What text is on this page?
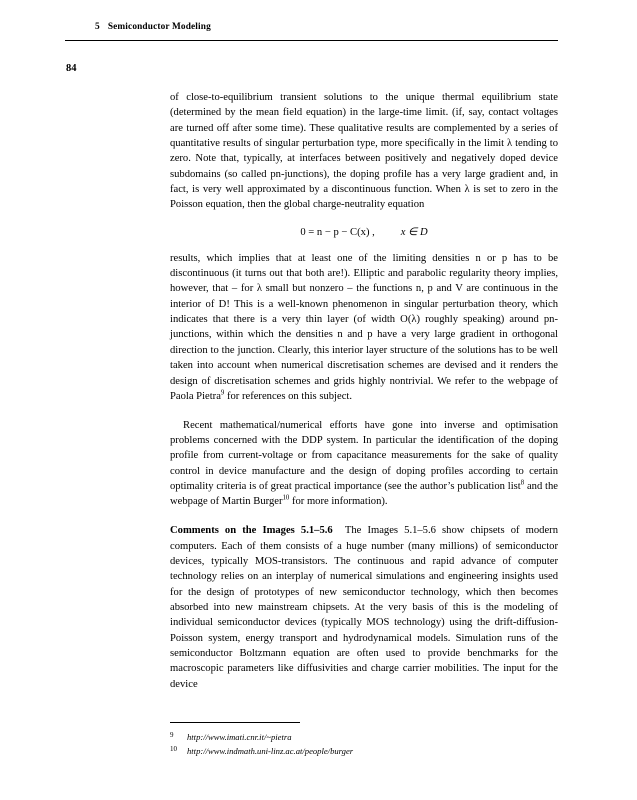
5 Semiconductor Modeling
84

of close-to-equilibrium transient solutions to the unique thermal equilibrium state (determined by the mean field equation) in the large-time limit. (if, say, contact voltages are turned off after some time). These qualitative results are complemented by a series of quantitative results of singular perturbation type, more specifically in the limit λ tending to zero. Note that, typically, at interfaces between positively and negatively doped device subdomains (so called pn-junctions), the doping profile has a very large gradient and, in fact, is very well approximated by a discontinuous function. When λ is set to zero in the Poisson equation, then the global charge-neutrality equation

0 = n − p − C(x) , x ∈ D

results, which implies that at least one of the limiting densities n or p has to be discontinuous (it turns out that both are!). Elliptic and parabolic regularity theory implies, however, that – for λ small but nonzero – the functions n, p and V are continuous in the interior of D! This is a well-known phenomenon in singular perturbation theory, which indicates that there is a very thin layer (of width O(λ) roughly speaking) around pn-junctions, within which the densities n and p have a very large gradient in orthogonal direction to the junction. Clearly, this interior layer structure of the solutions has to be well taken into account when numerical discretisation schemes are devised and it renders the design of discretisation schemes and grids highly nontrivial. We refer to the webpage of Paola Pietra$^9$ for references on this subject.

Recent mathematical/numerical efforts have gone into inverse and optimisation problems concerned with the DDP system. In particular the identification of the doping profile from current-voltage or from capacitance measurements for the sake of quality control in device manufacture and the design of doping profiles according to certain optimality criteria is of great practical importance (see the author’s publication list$^8$ and the webpage of Martin Burger$^{10}$ for more information).

Comments on the Images 5.1–5.6 The Images 5.1–5.6 show chipsets of modern computers. Each of them consists of a huge number (many millions) of semiconductor devices, typically MOS-transistors. The continuous and rapid advance of computer technology relies on an interplay of numerical simulations and engineering insights used for the design of prototypes of new semiconductor technology, which then becomes absorbed into new mainstream chipsets. At the very basis of this is the modeling of individual semiconductor devices (typically MOS technology) using the drift-diffusion-Poisson system, energy transport and hydrodynamical models. Simulation runs of the semiconductor Boltzmann equation are often used to provide benchmarks for the macroscopic parameters like diffusivities and charge carrier mobilities. The input for the device

9 http://www.imati.cnr.it/~pietra
10 http://www.indmath.uni-linz.ac.at/people/burger
